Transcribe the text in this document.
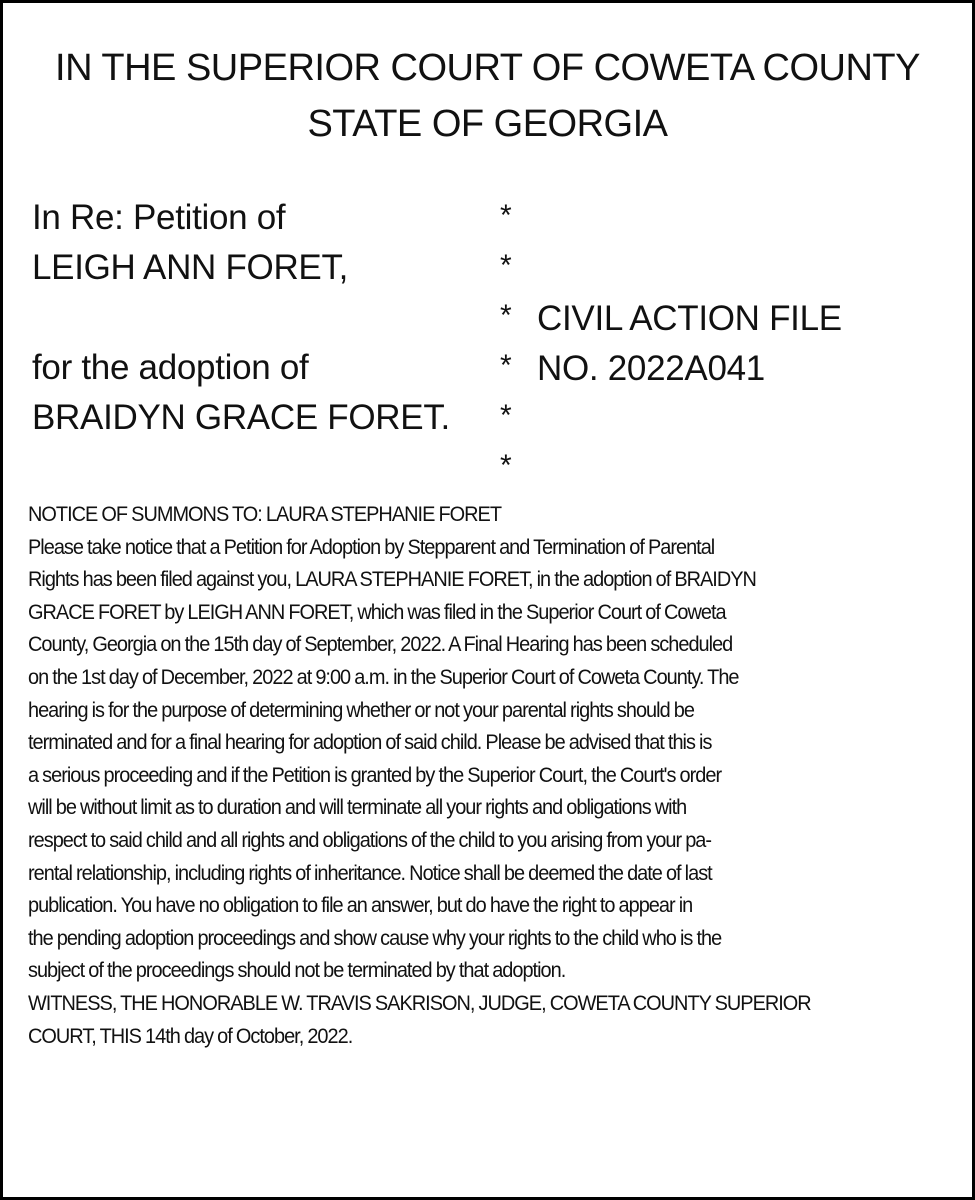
IN THE SUPERIOR COURT OF COWETA COUNTY
STATE OF GEORGIA
In Re: Petition of
LEIGH ANN FORET,
for the adoption of
BRAIDYN GRACE FORET.
*
*
*
*
*
*
CIVIL ACTION FILE
NO. 2022A041
NOTICE OF SUMMONS TO: LAURA STEPHANIE FORET
Please take notice that a Petition for Adoption by Stepparent and Termination of Parental
Rights has been filed against you, LAURA STEPHANIE FORET, in the adoption of BRAIDYN
GRACE FORET by LEIGH ANN FORET, which was filed in the Superior Court of Coweta
County, Georgia on the 15th day of September, 2022. A Final Hearing has been scheduled
on the 1st day of December, 2022 at 9:00 a.m. in the Superior Court of Coweta County. The
hearing is for the purpose of determining whether or not your parental rights should be
terminated and for a final hearing for adoption of said child. Please be advised that this is
a serious proceeding and if the Petition is granted by the Superior Court, the Court's order
will be without limit as to duration and will terminate all your rights and obligations with
respect to said child and all rights and obligations of the child to you arising from your pa-
rental relationship, including rights of inheritance. Notice shall be deemed the date of last
publication. You have no obligation to file an answer, but do have the right to appear in
the pending adoption proceedings and show cause why your rights to the child who is the
subject of the proceedings should not be terminated by that adoption.
WITNESS, THE HONORABLE W. TRAVIS SAKRISON, JUDGE, COWETA COUNTY SUPERIOR
COURT, THIS 14th day of October, 2022.
